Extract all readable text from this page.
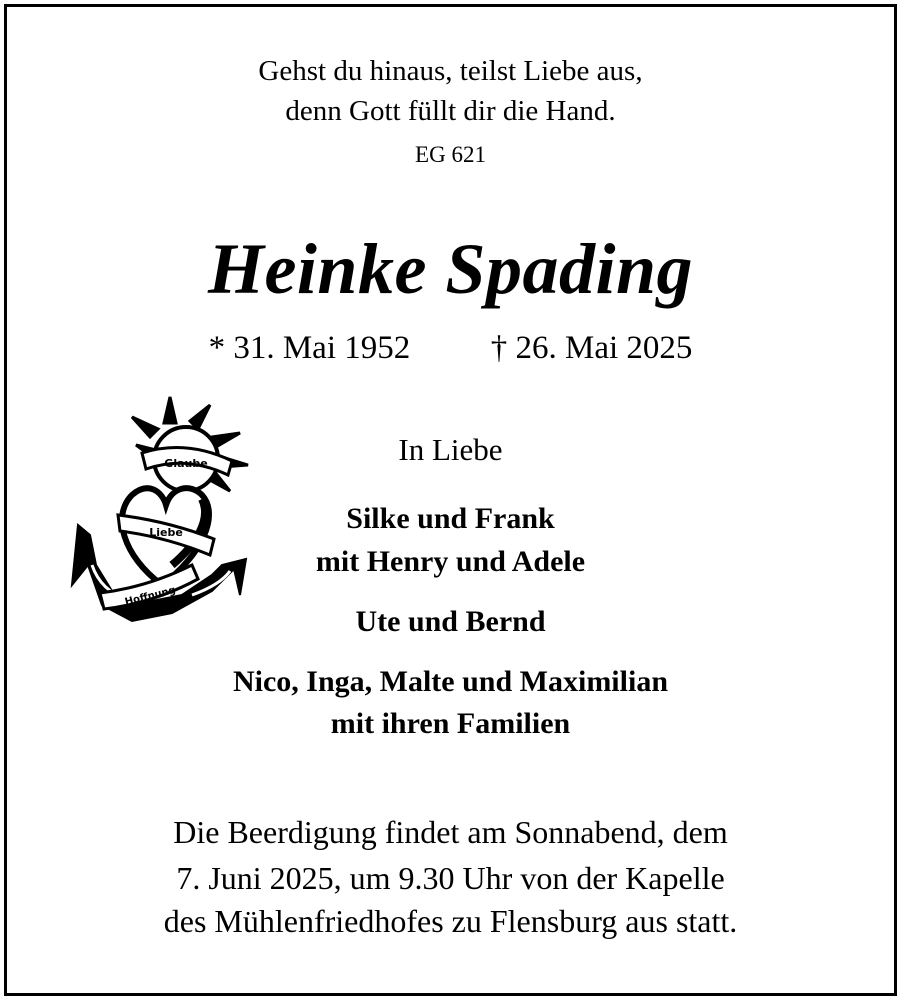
Gehst du hinaus, teilst Liebe aus,
denn Gott füllt dir die Hand.
EG 621
Heinke Spading
* 31. Mai 1952 † 26. Mai 2025
Glaube
Liebe
Hoffnung
In Liebe
Silke und Frank
mit Henry und Adele
Ute und Bernd
Nico, Inga, Malte und Maximilian
mit ihren Familien
Die Beerdigung findet am Sonnabend, dem
7. Juni 2025, um 9.30 Uhr von der Kapelle
des Mühlenfriedhofes zu Flensburg aus statt.
